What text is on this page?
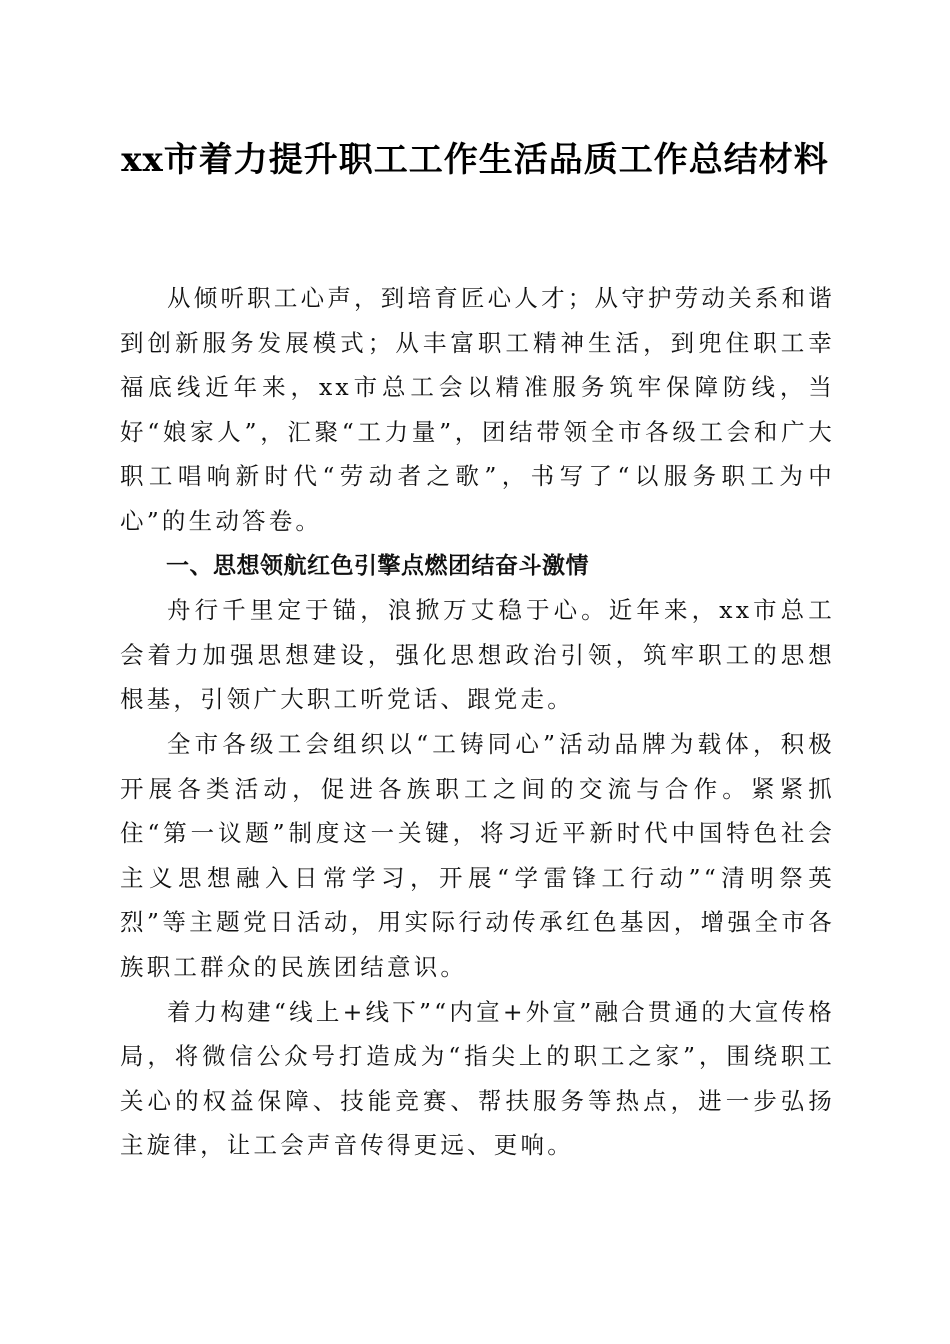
xx市着力提升职工工作生活品质工作总结材料

从倾听职工心声，到培育匠心人才；从守护劳动关系和谐到创新服务发展模式；从丰富职工精神生活，到兜住职工幸福底线近年来，xx市总工会以精准服务筑牢保障防线，当好“娘家人”，汇聚“工力量”，团结带领全市各级工会和广大职工唱响新时代“劳动者之歌”，书写了“以服务职工为中心”的生动答卷。

一、思想领航红色引擎点燃团结奋斗激情

舟行千里定于锚，浪掀万丈稳于心。近年来，xx市总工会着力加强思想建设，强化思想政治引领，筑牢职工的思想根基，引领广大职工听党话、跟党走。

全市各级工会组织以“工铸同心”活动品牌为载体，积极开展各类活动，促进各族职工之间的交流与合作。紧紧抓住“第一议题”制度这一关键，将习近平新时代中国特色社会主义思想融入日常学习，开展“学雷锋工行动”“清明祭英烈”等主题党日活动，用实际行动传承红色基因，增强全市各族职工群众的民族团结意识。

着力构建“线上+线下”“内宣+外宣”融合贯通的大宣传格局，将微信公众号打造成为“指尖上的职工之家”，围绕职工关心的权益保障、技能竞赛、帮扶服务等热点，进一步弘扬主旋律，让工会声音传得更远、更响。
